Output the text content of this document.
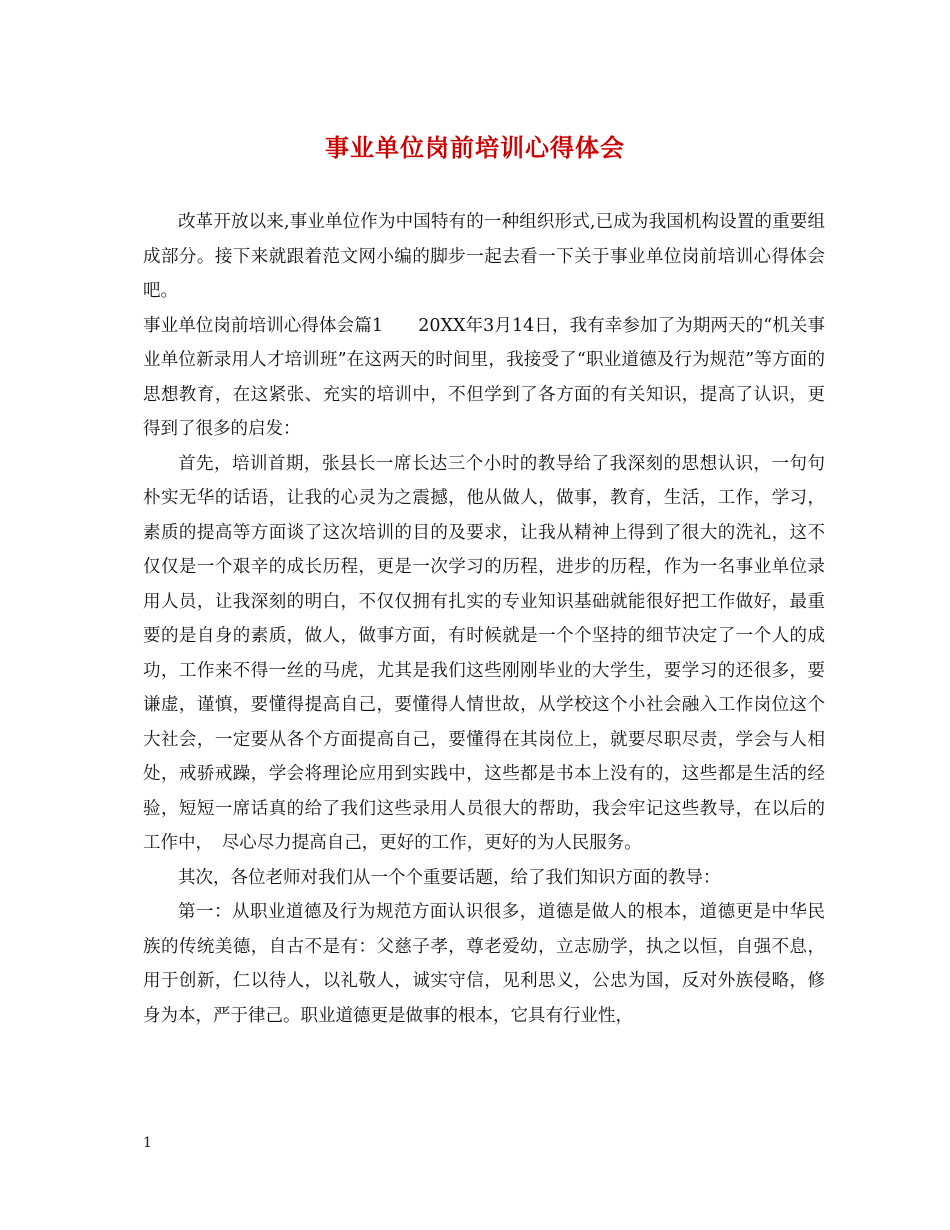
事业单位岗前培训心得体会

改革开放以来,事业单位作为中国特有的一种组织形式,已成为我国机构设置的重要组成部分。接下来就跟着范文网小编的脚步一起去看一下关于事业单位岗前培训心得体会吧。

事业单位岗前培训心得体会篇1　　20XX年3月14日，我有幸参加了为期两天的“机关事业单位新录用人才培训班”在这两天的时间里，我接受了“职业道德及行为规范”等方面的思想教育，在这紧张、充实的培训中，不但学到了各方面的有关知识，提高了认识，更得到了很多的启发：

首先，培训首期，张县长一席长达三个小时的教导给了我深刻的思想认识，一句句朴实无华的话语，让我的心灵为之震撼，他从做人，做事，教育，生活，工作，学习，素质的提高等方面谈了这次培训的目的及要求，让我从精神上得到了很大的洗礼，这不仅仅是一个艰辛的成长历程，更是一次学习的历程，进步的历程，作为一名事业单位录用人员，让我深刻的明白，不仅仅拥有扎实的专业知识基础就能很好把工作做好，最重要的是自身的素质，做人，做事方面，有时候就是一个个坚持的细节决定了一个人的成功，工作来不得一丝的马虎，尤其是我们这些刚刚毕业的大学生，要学习的还很多，要谦虚，谨慎，要懂得提高自己，要懂得人情世故，从学校这个小社会融入工作岗位这个大社会，一定要从各个方面提高自己，要懂得在其岗位上，就要尽职尽责，学会与人相处，戒骄戒躁，学会将理论应用到实践中，这些都是书本上没有的，这些都是生活的经验，短短一席话真的给了我们这些录用人员很大的帮助，我会牢记这些教导，在以后的工作中，　尽心尽力提高自己，更好的工作，更好的为人民服务。

其次，各位老师对我们从一个个重要话题，给了我们知识方面的教导：

第一：从职业道德及行为规范方面认识很多，道德是做人的根本，道德更是中华民族的传统美德，自古不是有：父慈子孝，尊老爱幼，立志励学，执之以恒，自强不息，用于创新，仁以待人，以礼敬人，诚实守信，见利思义，公忠为国，反对外族侵略，修身为本，严于律己。职业道德更是做事的根本，它具有行业性，

1
